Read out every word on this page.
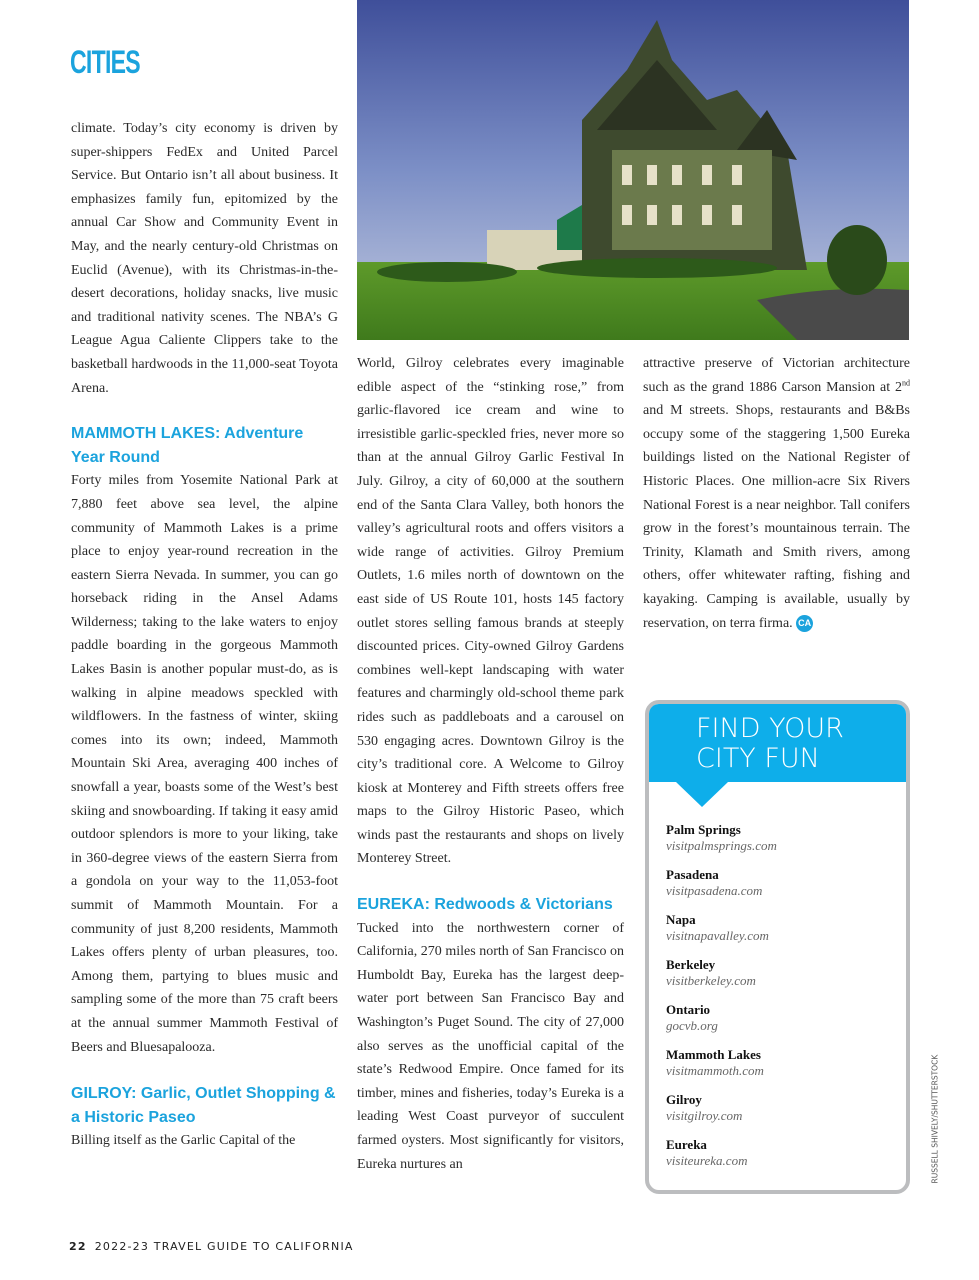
CITIES

climate. Today’s city economy is driven by super-shippers FedEx and United Parcel Service. But Ontario isn’t all about business. It emphasizes family fun, epitomized by the annual Car Show and Community Event in May, and the nearly century-old Christmas on Euclid (Avenue), with its Christmas-in-the-desert decorations, holiday snacks, live music and traditional nativity scenes. The NBA’s G League Agua Caliente Clippers take to the basketball hardwoods in the 11,000-seat Toyota Arena.

MAMMOTH LAKES: Adventure Year Round

Forty miles from Yosemite National Park at 7,880 feet above sea level, the alpine community of Mammoth Lakes is a prime place to enjoy year-round recreation in the eastern Sierra Nevada. In summer, you can go horseback riding in the Ansel Adams Wilderness; taking to the lake waters to enjoy paddle boarding in the gorgeous Mammoth Lakes Basin is another popular must-do, as is walking in alpine meadows speckled with wildflowers. In the fastness of winter, skiing comes into its own; indeed, Mammoth Mountain Ski Area, averaging 400 inches of snowfall a year, boasts some of the West’s best skiing and snowboarding. If taking it easy amid outdoor splendors is more to your liking, take in 360-degree views of the eastern Sierra from a gondola on your way to the 11,053-foot summit of Mammoth Mountain. For a community of just 8,200 residents, Mammoth Lakes offers plenty of urban pleasures, too. Among them, partying to blues music and sampling some of the more than 75 craft beers at the annual summer Mammoth Festival of Beers and Bluesapalooza.

GILROY: Garlic, Outlet Shopping & a Historic Paseo

Billing itself as the Garlic Capital of the

World, Gilroy celebrates every imaginable edible aspect of the “stinking rose,” from garlic-flavored ice cream and wine to irresistible garlic-speckled fries, never more so than at the annual Gilroy Garlic Festival In July. Gilroy, a city of 60,000 at the southern end of the Santa Clara Valley, both honors the valley’s agricultural roots and offers visitors a wide range of activities. Gilroy Premium Outlets, 1.6 miles north of downtown on the east side of US Route 101, hosts 145 factory outlet stores selling famous brands at steeply discounted prices. City-owned Gilroy Gardens combines well-kept landscaping with water features and charmingly old-school theme park rides such as paddleboats and a carousel on 530 engaging acres. Downtown Gilroy is the city’s traditional core. A Welcome to Gilroy kiosk at Monterey and Fifth streets offers free maps to the Gilroy Historic Paseo, which winds past the restaurants and shops on lively Monterey Street.

EUREKA: Redwoods & Victorians

Tucked into the northwestern corner of California, 270 miles north of San Francisco on Humboldt Bay, Eureka has the largest deep-water port between San Francisco Bay and Washington’s Puget Sound. The city of 27,000 also serves as the unofficial capital of the state’s Redwood Empire. Once famed for its timber, mines and fisheries, today’s Eureka is a leading West Coast purveyor of succulent farmed oysters. Most significantly for visitors, Eureka nurtures an

attractive preserve of Victorian architecture such as the grand 1886 Carson Mansion at 2nd and M streets. Shops, restaurants and B&Bs occupy some of the staggering 1,500 Eureka buildings listed on the National Register of Historic Places. One million-acre Six Rivers National Forest is a near neighbor. Tall conifers grow in the forest’s mountainous terrain. The Trinity, Klamath and Smith rivers, among others, offer whitewater rafting, fishing and kayaking. Camping is available, usually by reservation, on terra firma. CA

FIND YOUR
CITY FUN
Palm Springs
visitpalmsprings.com
Pasadena
visitpasadena.com
Napa
visitnapavalley.com
Berkeley
visitberkeley.com
Ontario
gocvb.org
Mammoth Lakes
visitmammoth.com
Gilroy
visitgilroy.com
Eureka
visiteureka.com	RUSSELL SHIVELY/SHUTTERSTOCK
22 2022-23 TRAVEL GUIDE TO CALIFORNIA
